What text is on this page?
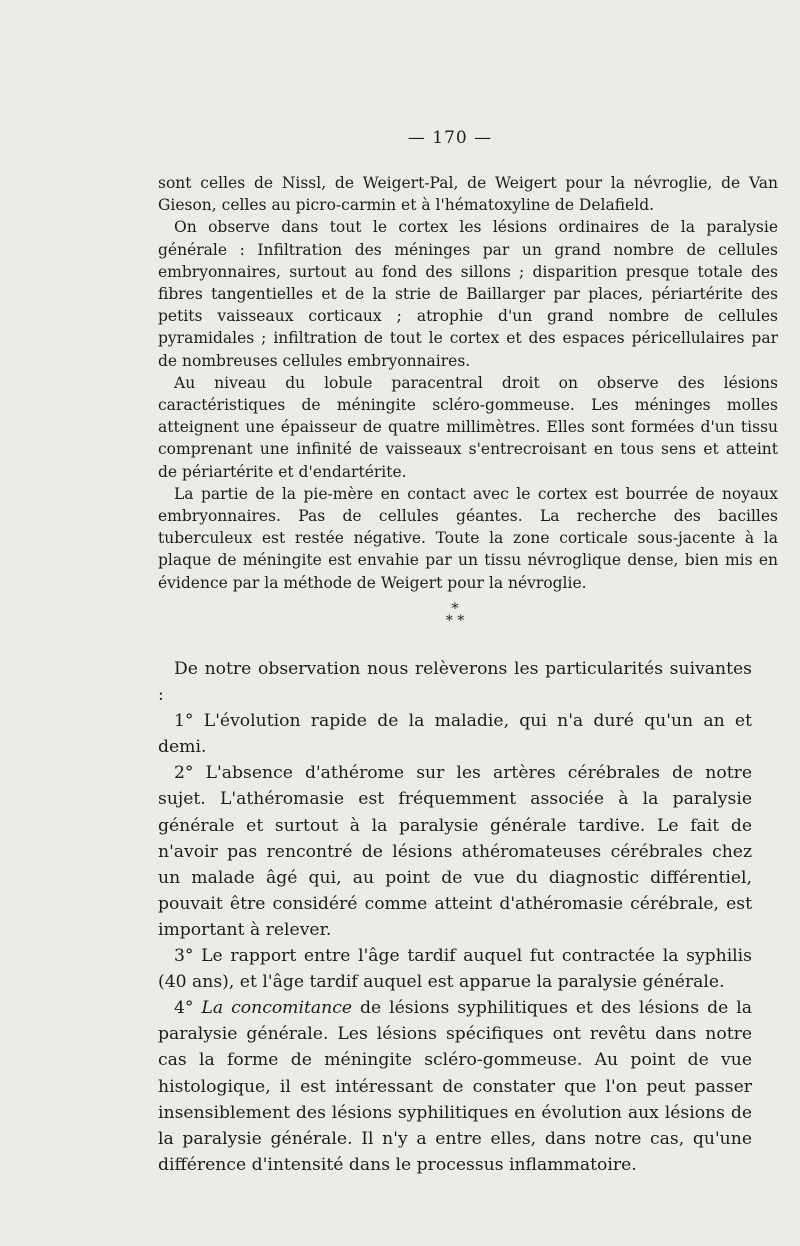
— 170 —

sont celles de Nissl, de Weigert-Pal, de Weigert pour la névroglie, de Van Gieson, celles au picro-carmin et à l'hématoxyline de Delafield.

On observe dans tout le cortex les lésions ordinaires de la paralysie générale : Infiltration des méninges par un grand nombre de cellules embryonnaires, surtout au fond des sillons ; disparition presque totale des fibres tangentielles et de la strie de Baillarger par places, périartérite des petits vaisseaux corticaux ; atrophie d'un grand nombre de cellules pyramidales ; infiltration de tout le cortex et des espaces péricellulaires par de nombreuses cellules embryonnaires.

Au niveau du lobule paracentral droit on observe des lésions caractéristiques de méningite scléro-gommeuse. Les méninges molles atteignent une épaisseur de quatre millimètres. Elles sont formées d'un tissu comprenant une infinité de vaisseaux s'entrecroisant en tous sens et atteint de périartérite et d'endartérite.

La partie de la pie-mère en contact avec le cortex est bourrée de noyaux embryonnaires. Pas de cellules géantes. La recherche des bacilles tuberculeux est restée négative. Toute la zone corticale sous-jacente à la plaque de méningite est envahie par un tissu névroglique dense, bien mis en évidence par la méthode de Weigert pour la névroglie.

*
* *

De notre observation nous relèverons les particularités suivantes :

1° L'évolution rapide de la maladie, qui n'a duré qu'un an et demi.

2° L'absence d'athérome sur les artères cérébrales de notre sujet. L'athéromasie est fréquemment associée à la paralysie générale et surtout à la paralysie générale tardive. Le fait de n'avoir pas rencontré de lésions athéromateuses cérébrales chez un malade âgé qui, au point de vue du diagnostic différentiel, pouvait être considéré comme atteint d'athéromasie cérébrale, est important à relever.

3° Le rapport entre l'âge tardif auquel fut contractée la syphilis (40 ans), et l'âge tardif auquel est apparue la paralysie générale.

4° La concomitance de lésions syphilitiques et des lésions de la paralysie générale. Les lésions spécifiques ont revêtu dans notre cas la forme de méningite scléro-gommeuse. Au point de vue histologique, il est intéressant de constater que l'on peut passer insensiblement des lésions syphilitiques en évolution aux lésions de la paralysie générale. Il n'y a entre elles, dans notre cas, qu'une différence d'intensité dans le processus inflammatoire.
